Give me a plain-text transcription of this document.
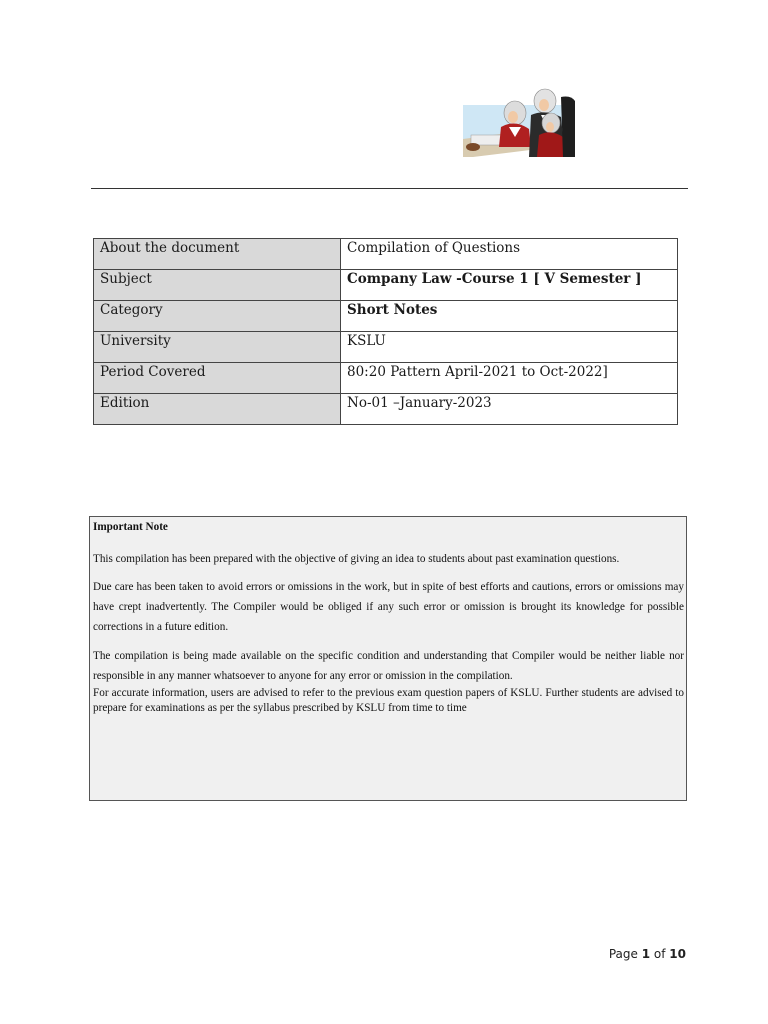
About the document	Compilation of Questions
Subject	Company Law -Course 1 [ V Semester ]
Category	Short Notes
University	KSLU
Period Covered	80:20 Pattern April-2021 to Oct-2022]
Edition	No-01 –January-2023

Important Note

This compilation has been prepared with the objective of giving an idea to students about past examination questions.

Due care has been taken to avoid errors or omissions in the work, but in spite of best efforts and cautions, errors or omissions may have crept inadvertently. The Compiler would be obliged if any such error or omission is brought its knowledge for possible corrections in a future edition.

The compilation is being made available on the specific condition and understanding that Compiler would be neither liable nor responsible in any manner whatsoever to anyone for any error or omission in the compilation.

For accurate information, users are advised to refer to the previous exam question papers of KSLU. Further students are advised to prepare for examinations as per the syllabus prescribed by KSLU from time to time

Page 1 of 10
